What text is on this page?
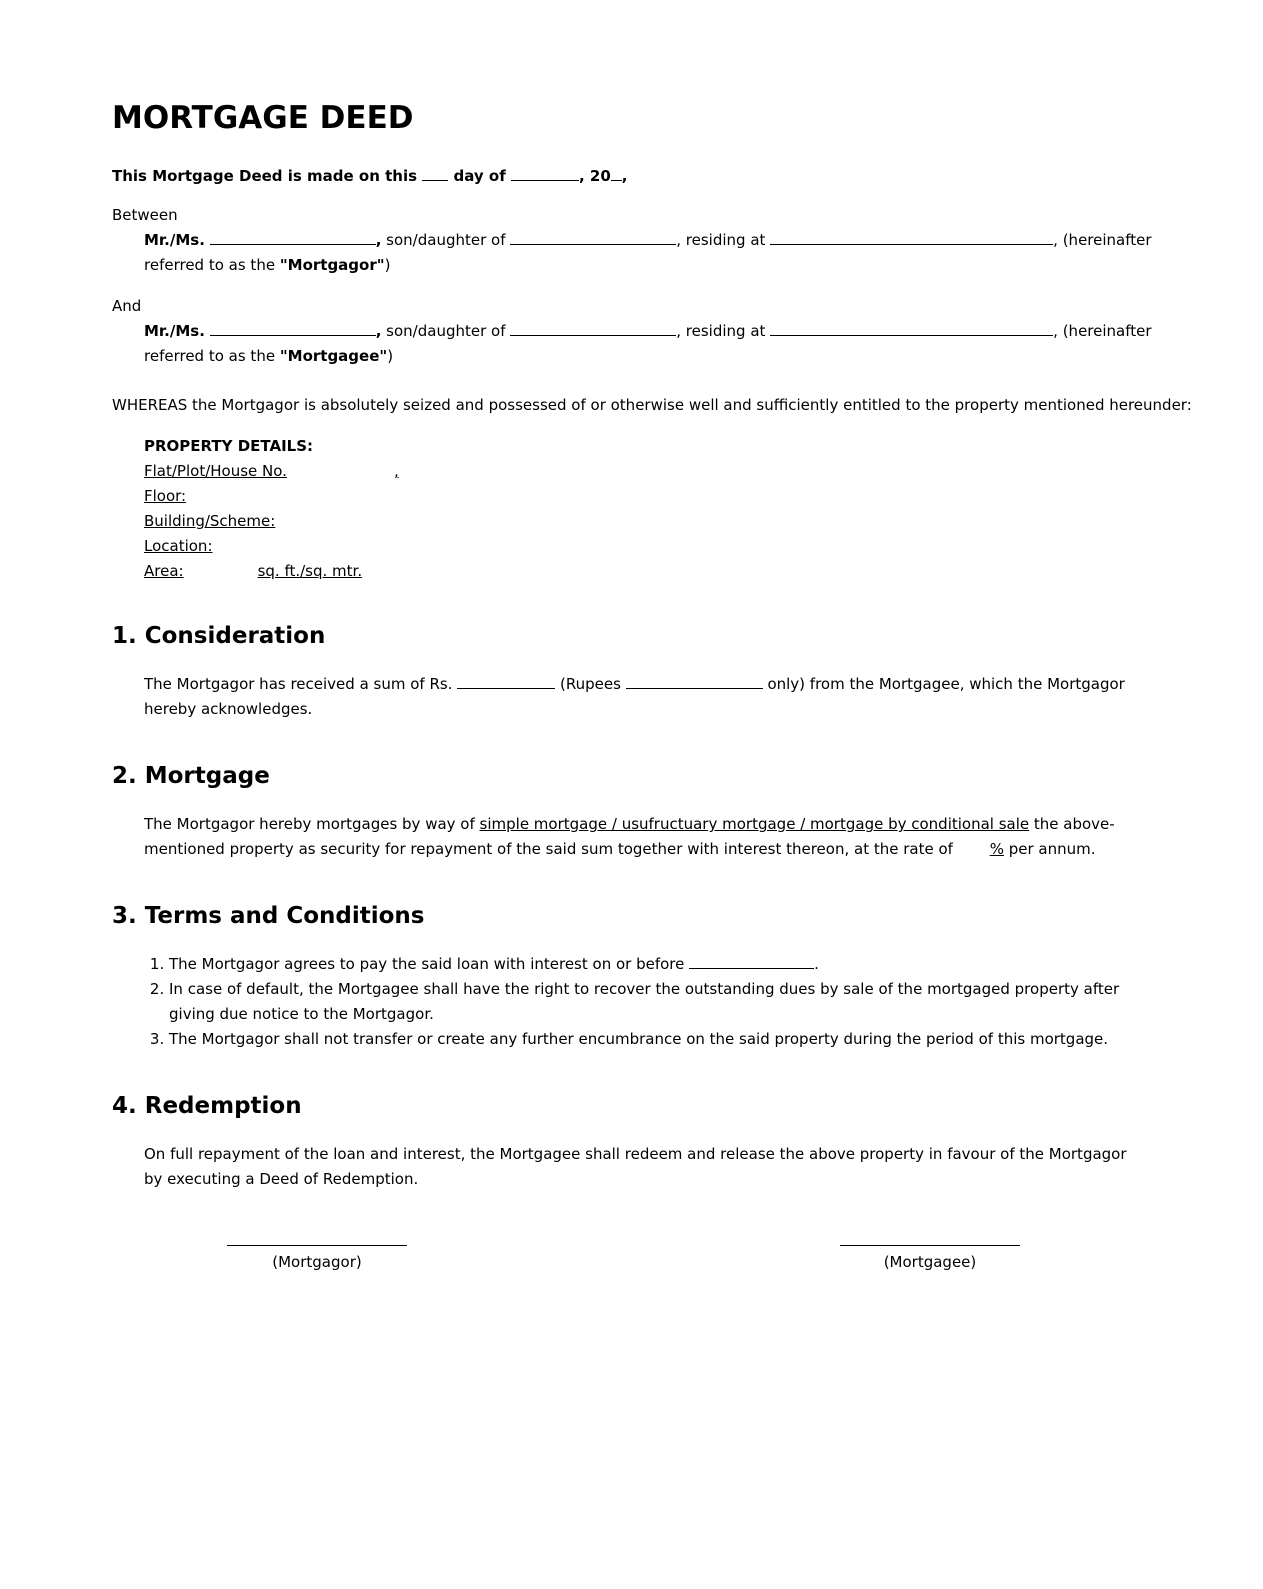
MORTGAGE DEED

This Mortgage Deed is made on this  day of	, 20 ,

Between

Mr./Ms.	, son/daughter of	, residing at	, (hereinafter
referred to as the "Mortgagor")

And

Mr./Ms.	, son/daughter of	, residing at	, (hereinafter
referred to as the "Mortgagee")

WHEREAS the Mortgagor is absolutely seized and possessed of or otherwise well and sufficiently entitled to the property mentioned hereunder:

PROPERTY DETAILS:
Flat/Plot/House No.	,
Floor:
Building/Scheme:
Location:
Area:	sq. ft./sq. mtr.
1. Consideration

The Mortgagor has received a sum of Rs.	(Rupees	only) from the Mortgagee, which the Mortgagor hereby acknowledges.

2. Mortgage

The Mortgagor hereby mortgages by way of simple mortgage / usufructuary mortgage / mortgage by conditional sale the above-mentioned property as security for repayment of the said sum together with interest thereon, at the rate of % per annum.

3. Terms and Conditions
1. The Mortgagor agrees to pay the said loan with interest on or before	.
2. In case of default, the Mortgagee shall have the right to recover the outstanding dues by sale of the mortgaged property after giving due notice to the Mortgagor.
3. The Mortgagor shall not transfer or create any further encumbrance on the said property during the period of this mortgage.
4. Redemption

On full repayment of the loan and interest, the Mortgagee shall redeem and release the above property in favour of the Mortgagor by executing a Deed of Redemption.

(Mortgagor)	(Mortgagee)
